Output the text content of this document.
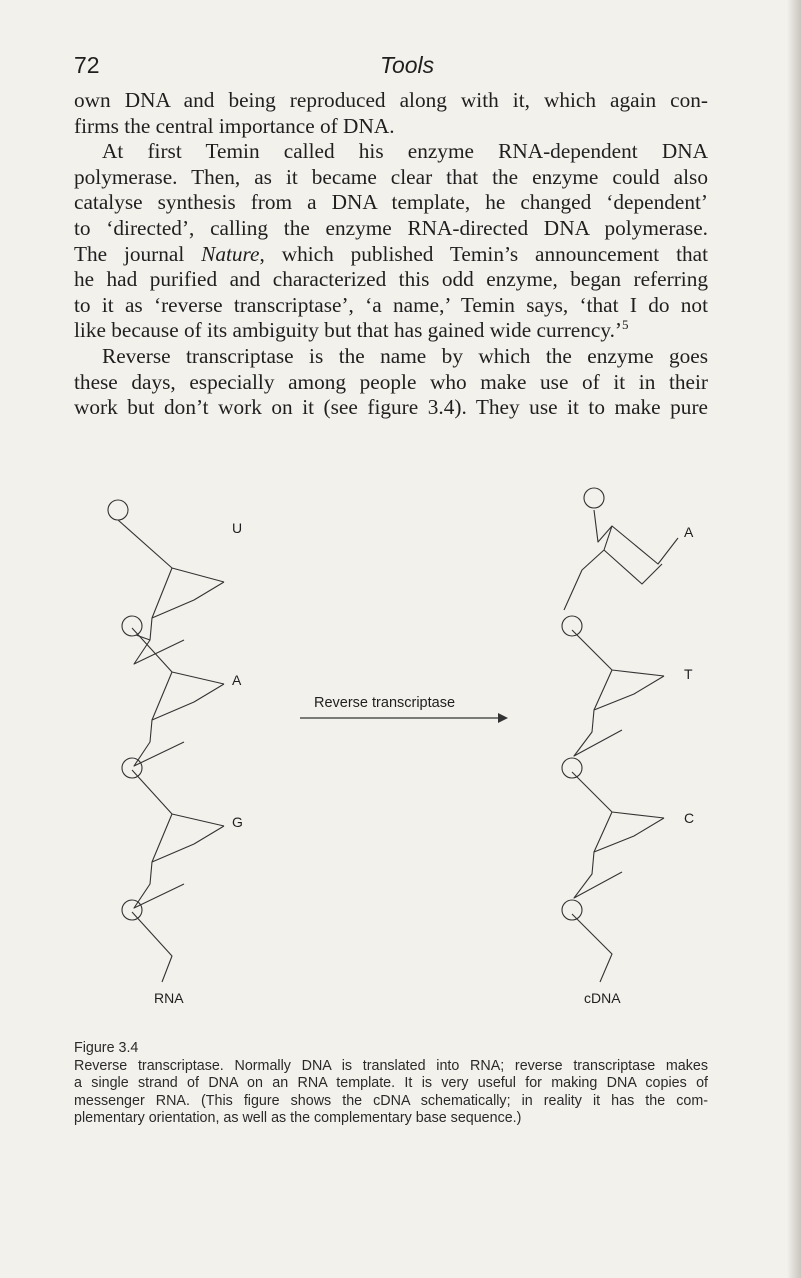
72	Tools

own DNA and being reproduced along with it, which again con-
firms the central importance of DNA.

At first Temin called his enzyme RNA-dependent DNA
polymerase. Then, as it became clear that the enzyme could also
catalyse synthesis from a DNA template, he changed ‘dependent’
to ‘directed’, calling the enzyme RNA-directed DNA polymerase.
The journal Nature, which published Temin’s announcement that
he had purified and characterized this odd enzyme, began referring
to it as ‘reverse transcriptase’, ‘a name,’ Temin says, ‘that I do not
like because of its ambiguity but that has gained wide currency.’$^5$

Reverse transcriptase is the name by which the enzyme goes
these days, especially among people who make use of it in their
work but don’t work on it (see figure 3.4). They use it to make pure

U
A
G
A
T
C
Reverse transcriptase
RNA	cDNA
Figure 3.4
Reverse transcriptase. Normally DNA is translated into RNA; reverse transcriptase makes
a single strand of DNA on an RNA template. It is very useful for making DNA copies of
messenger RNA. (This figure shows the cDNA schematically; in reality it has the com-
plementary orientation, as well as the complementary base sequence.)
